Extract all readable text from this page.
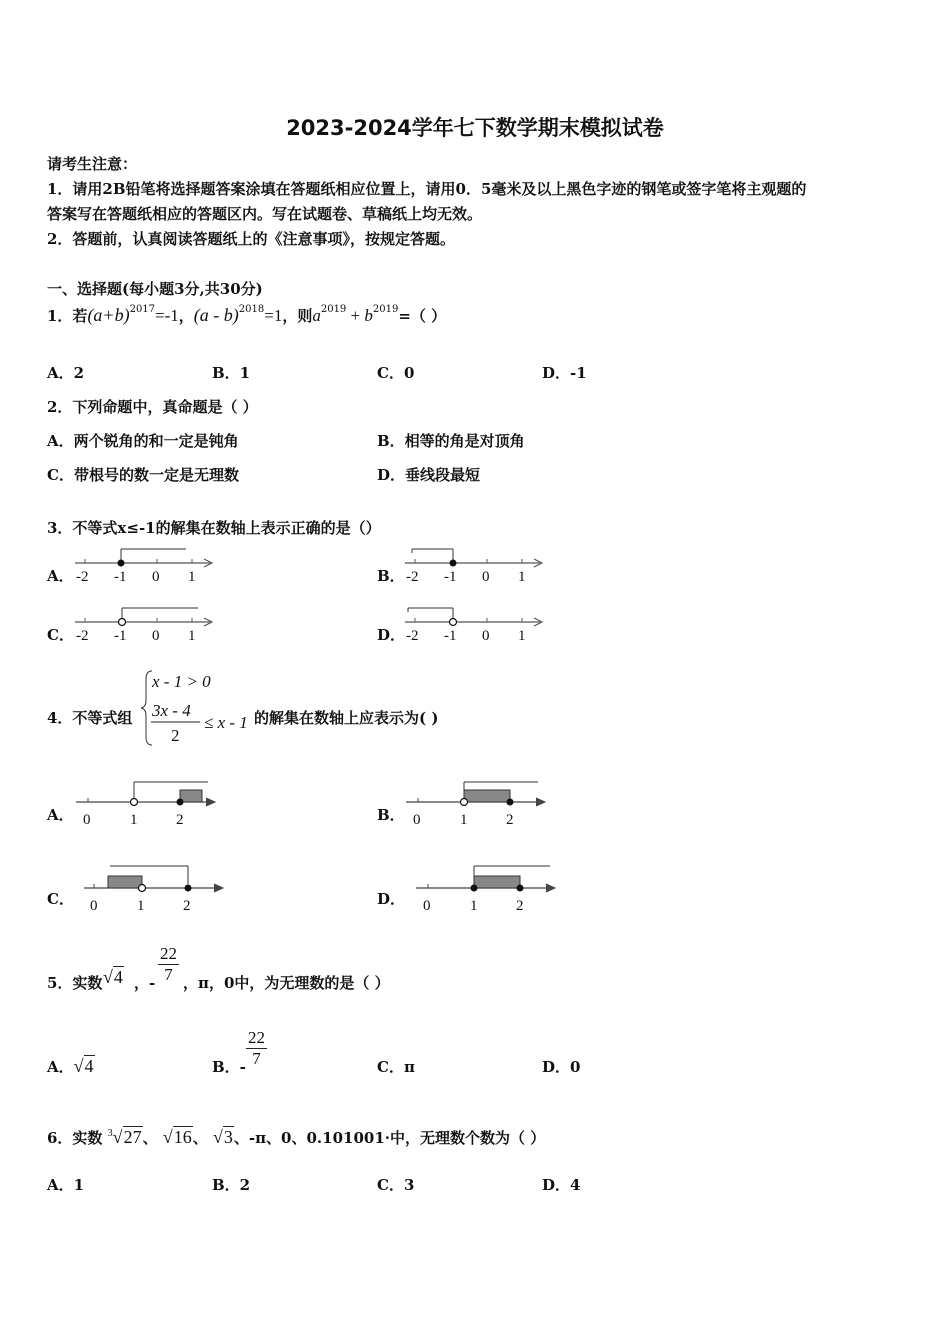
2023-2024学年七下数学期末模拟试卷
请考生注意：
1．请用2B铅笔将选择题答案涂填在答题纸相应位置上，请用0．5毫米及以上黑色字迹的钢笔或签字笔将主观题的
答案写在答题纸相应的答题区内。写在试题卷、草稿纸上均无效。
2．答题前，认真阅读答题纸上的《注意事项》，按规定答题。
一、选择题(每小题3分,共30分)
1．若$(a+b)^{2017}=-1$，(a - b)$^{2018}$=1，则$a^{2019} + b^{2019}=$（ ）
A．2	B．1	C．0	D．-1
2．下列命题中，真命题是（ ）
A．两个锐角的和一定是钝角	B．相等的角是对顶角
C．带根号的数一定是无理数	D．垂线段最短
3．不等式x≤-1的解集在数轴上表示正确的是（）
A． -2 -1 0 1	B． -2 -1 0 1
C． -2 -1 0 1	D． -2 -1 0 1
4．不等式组
x - 1 > 0
3x - 4
2
≤ x - 1 的解集在数轴上应表示为( )
A． 0	1	2	B． 0	1	2
C． 0	1	2	D． 0	1	2
5．实数 √4 ，- $\frac{22}{7}$ ，π，0中，为无理数的是（ ）
A．√4	B．- $\frac{22}{7}$	C．π	D．0
6．实数 $^3$√27、 √16、 √3、-π、0、0.101001·中，无理数个数为（ ）
A．1	B．2	C．3	D．4
